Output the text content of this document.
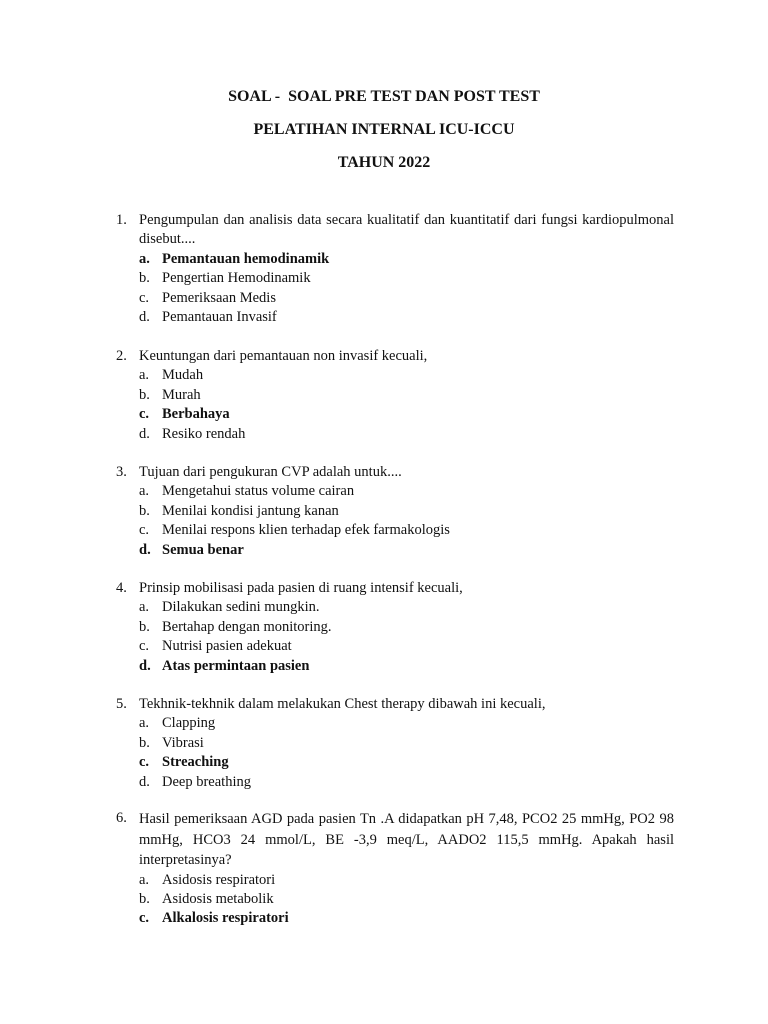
SOAL -  SOAL PRE TEST DAN POST TEST
PELATIHAN INTERNAL ICU-ICCU
TAHUN 2022
1. Pengumpulan dan analisis data secara kualitatif dan kuantitatif dari fungsi kardiopulmonal disebut....
a. Pemantauan hemodinamik
b. Pengertian Hemodinamik
c. Pemeriksaan Medis
d. Pemantauan Invasif
2. Keuntungan dari pemantauan non invasif kecuali,
a. Mudah
b. Murah
c. Berbahaya
d. Resiko rendah
3. Tujuan dari pengukuran CVP adalah untuk....
a. Mengetahui status volume cairan
b. Menilai kondisi jantung kanan
c. Menilai respons klien terhadap efek farmakologis
d. Semua benar
4. Prinsip mobilisasi pada pasien di ruang intensif kecuali,
a. Dilakukan sedini mungkin.
b. Bertahap dengan monitoring.
c. Nutrisi pasien adekuat
d. Atas permintaan pasien
5. Tekhnik-tekhnik dalam melakukan Chest therapy dibawah ini kecuali,
a. Clapping
b. Vibrasi
c. Streaching
d. Deep breathing
6. Hasil pemeriksaan AGD pada pasien Tn .A didapatkan pH 7,48, PCO2 25 mmHg, PO2 98 mmHg, HCO3 24 mmol/L, BE -3,9 meq/L, AADO2 115,5 mmHg. Apakah hasil interpretasinya?
a. Asidosis respiratori
b. Asidosis metabolik
c. Alkalosis respiratori
